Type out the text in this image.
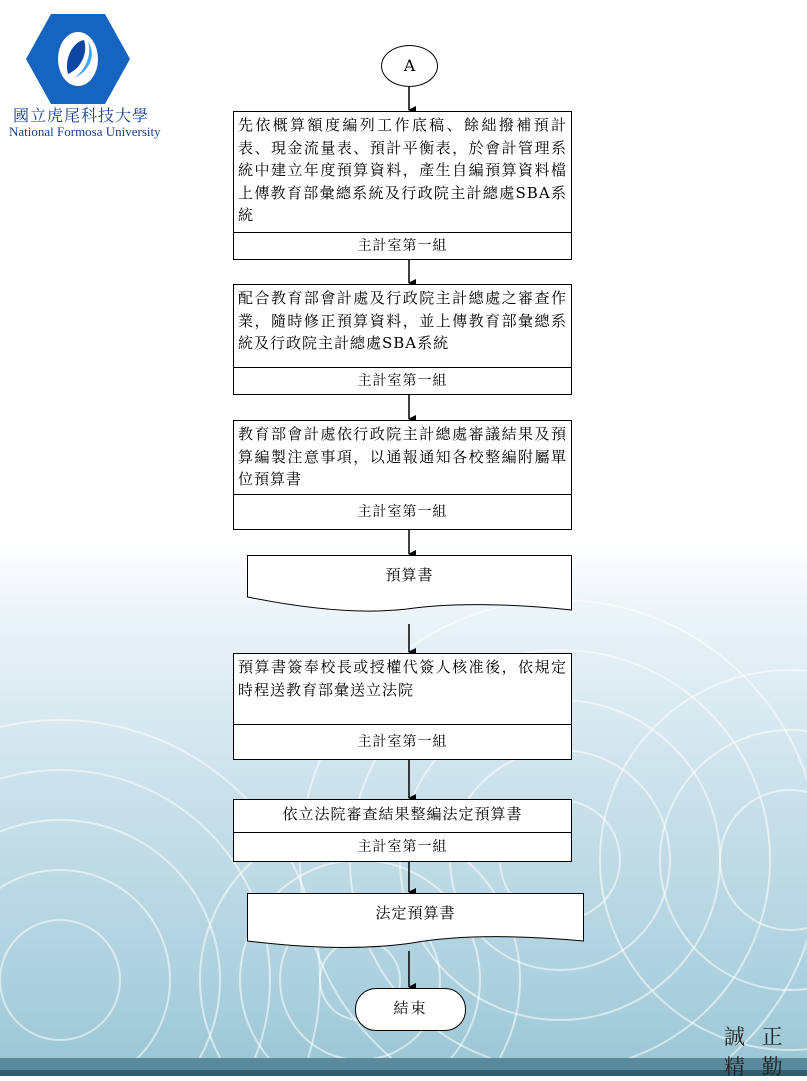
國立虎尾科技大學
National Formosa University
A
先依概算額度編列工作底稿、餘絀撥補預計表、現金流量表、預計平衡表，於會計管理系統中建立年度預算資料，產生自編預算資料檔上傳教育部彙總系統及行政院主計總處SBA系統
主計室第一組
配合教育部會計處及行政院主計總處之審查作業，隨時修正預算資料，並上傳教育部彙總系統及行政院主計總處SBA系統
主計室第一組
教育部會計處依行政院主計總處審議結果及預算編製注意事項，以通報通知各校整編附屬單位預算書
主計室第一組
預算書
預算書簽奉校長或授權代簽人核准後，依規定時程送教育部彙送立法院
主計室第一組
依立法院審查結果整編法定預算書
主計室第一組
法定預算書
結束
誠 正 精 勤
